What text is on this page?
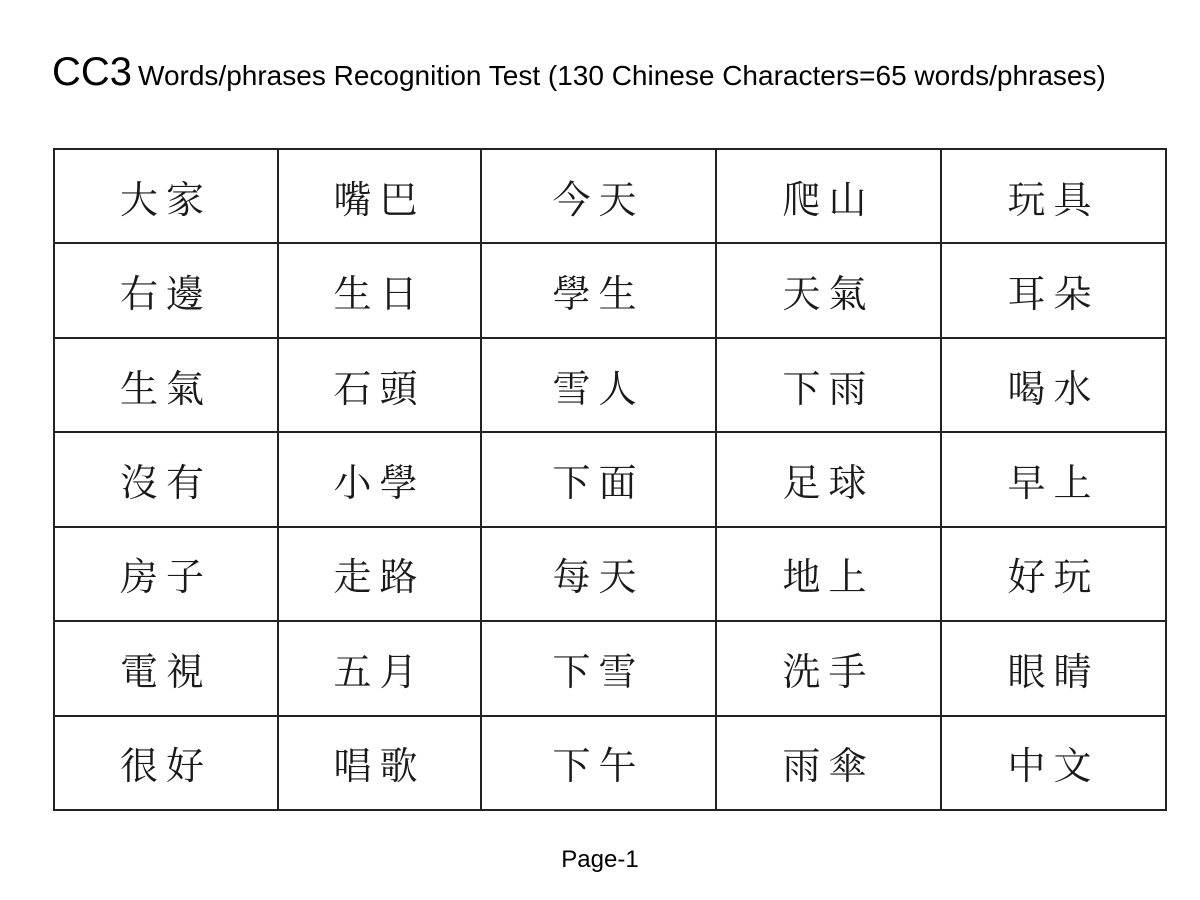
CC3 Words/phrases Recognition Test (130 Chinese Characters=65 words/phrases)
大家	嘴巴	今天	爬山	玩具
右邊	生日	學生	天氣	耳朵
生氣	石頭	雪人	下雨	喝水
沒有	小學	下面	足球	早上
房子	走路	每天	地上	好玩
電視	五月	下雪	洗手	眼睛
很好	唱歌	下午	雨傘	中文
Page-1
